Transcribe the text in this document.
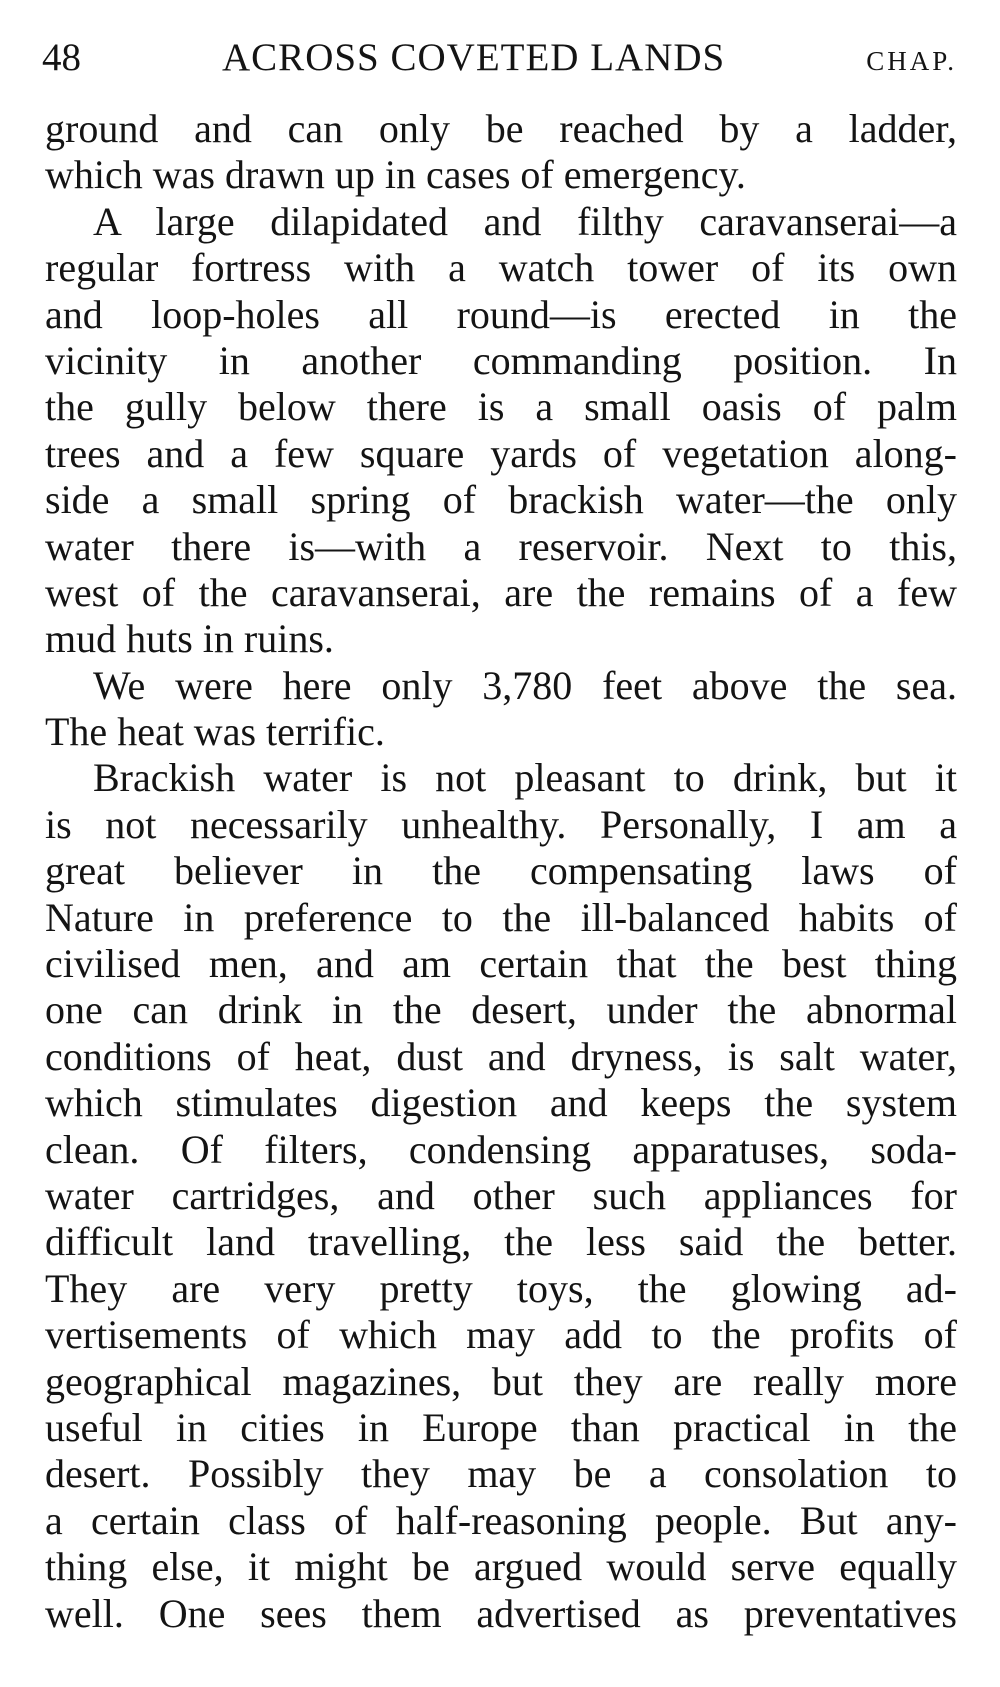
48	ACROSS COVETED LANDS	CHAP.
ground and can only be reached by a ladder,
which was drawn up in cases of emergency.
A large dilapidated and filthy caravanserai—a
regular fortress with a watch tower of its own
and loop-holes all round—is erected in the
vicinity in another commanding position. In
the gully below there is a small oasis of palm
trees and a few square yards of vegetation along-
side a small spring of brackish water—the only
water there is—with a reservoir. Next to this,
west of the caravanserai, are the remains of a few
mud huts in ruins.
We were here only 3,780 feet above the sea.
The heat was terrific.
Brackish water is not pleasant to drink, but it
is not necessarily unhealthy. Personally, I am a
great believer in the compensating laws of
Nature in preference to the ill-balanced habits of
civilised men, and am certain that the best thing
one can drink in the desert, under the abnormal
conditions of heat, dust and dryness, is salt water,
which stimulates digestion and keeps the system
clean. Of filters, condensing apparatuses, soda-
water cartridges, and other such appliances for
difficult land travelling, the less said the better.
They are very pretty toys, the glowing ad-
vertisements of which may add to the profits of
geographical magazines, but they are really more
useful in cities in Europe than practical in the
desert. Possibly they may be a consolation to
a certain class of half-reasoning people. But any-
thing else, it might be argued would serve equally
well. One sees them advertised as preventatives
